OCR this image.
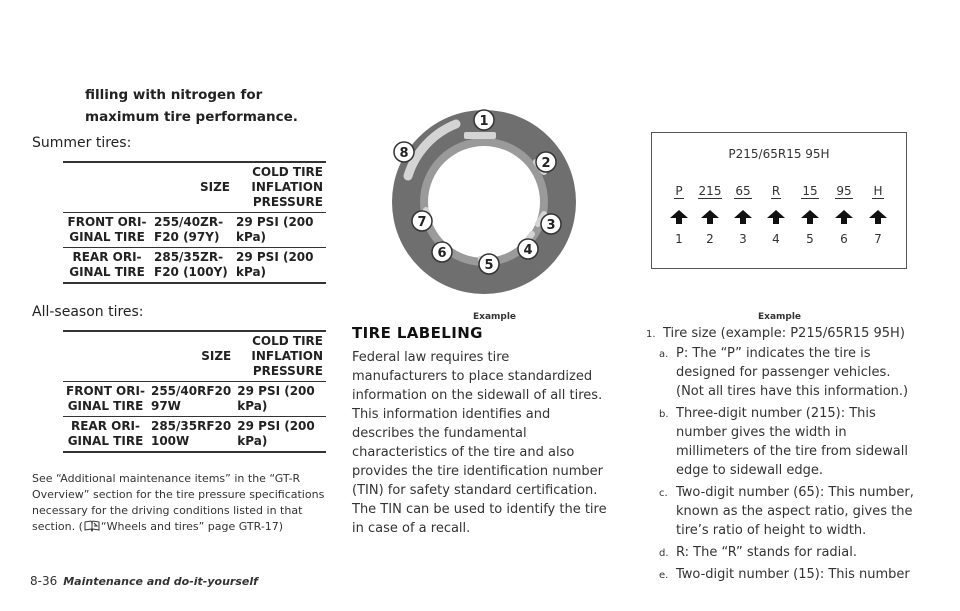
filling with nitrogen for maximum tire performance.
Summer tires:
	SIZE	COLD TIRE INFLATION PRESSURE
FRONT ORI-GINAL TIRE	255/40ZR-F20 (97Y)	29 PSI (200 kPa)
REAR ORI-GINAL TIRE	285/35ZR-F20 (100Y)	29 PSI (200 kPa)
All-season tires:
	SIZE	COLD TIRE INFLATION PRESSURE
FRONT ORI-GINAL TIRE	255/40RF20 97W	29 PSI (200 kPa)
REAR ORI-GINAL TIRE	285/35RF20 100W	29 PSI (200 kPa)

See “Additional maintenance items” in the “GT-R Overview” section for the tire pressure specifications necessary for the driving conditions listed in that section. ( “Wheels and tires” page GTR-17)

1
2
3
4
5
6
7
8
Example
TIRE LABELING

Federal law requires tire manufacturers to place standardized information on the sidewall of all tires. This information identifies and describes the fundamental characteristics of the tire and also provides the tire identification number (TIN) for safety standard certification. The TIN can be used to identify the tire in case of a recall.

P215/65R15 95H
P	215	65	R	15	95	H
1	2	3	4	5	6	7
Example
1. Tire size (example: P215/65R15 95H)
a. P: The “P” indicates the tire is designed for passenger vehicles. (Not all tires have this information.)
b. Three-digit number (215): This number gives the width in millimeters of the tire from sidewall edge to sidewall edge.
c. Two-digit number (65): This number, known as the aspect ratio, gives the tire’s ratio of height to width.
d. R: The “R” stands for radial.
e. Two-digit number (15): This number
8-36 Maintenance and do-it-yourself
